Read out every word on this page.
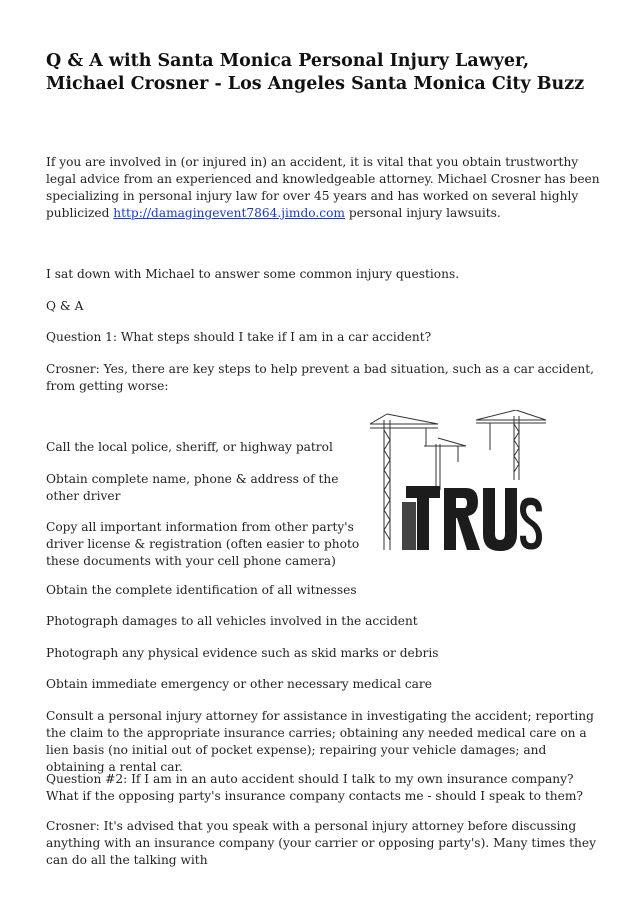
Q & A with Santa Monica Personal Injury Lawyer, Michael Crosner - Los Angeles Santa Monica City Buzz

If you are involved in (or injured in) an accident, it is vital that you obtain trustworthy legal advice from an experienced and knowledgeable attorney. Michael Crosner has been specializing in personal injury law for over 45 years and has worked on several highly publicized http://damagingevent7864.jimdo.com personal injury lawsuits.

I sat down with Michael to answer some common injury questions.

Q & A

Question 1: What steps should I take if I am in a car accident?

Crosner: Yes, there are key steps to help prevent a bad situation, such as a car accident, from getting worse:

Call the local police, sheriff, or highway patrol

Obtain complete name, phone & address of the other driver

Copy all important information from other party's driver license & registration (often easier to photo these documents with your cell phone camera)

Obtain the complete identification of all witnesses

Photograph damages to all vehicles involved in the accident

Photograph any physical evidence such as skid marks or debris

Obtain immediate emergency or other necessary medical care

Consult a personal injury attorney for assistance in investigating the accident; reporting the claim to the appropriate insurance carries; obtaining any needed medical care on a lien basis (no initial out of pocket expense); repairing your vehicle damages; and obtaining a rental car.

Question #2: If I am in an auto accident should I talk to my own insurance company? What if the opposing party's insurance company contacts me - should I speak to them?

Crosner: It's advised that you speak with a personal injury attorney before discussing anything with an insurance company (your carrier or opposing party's). Many times they can do all the talking with
